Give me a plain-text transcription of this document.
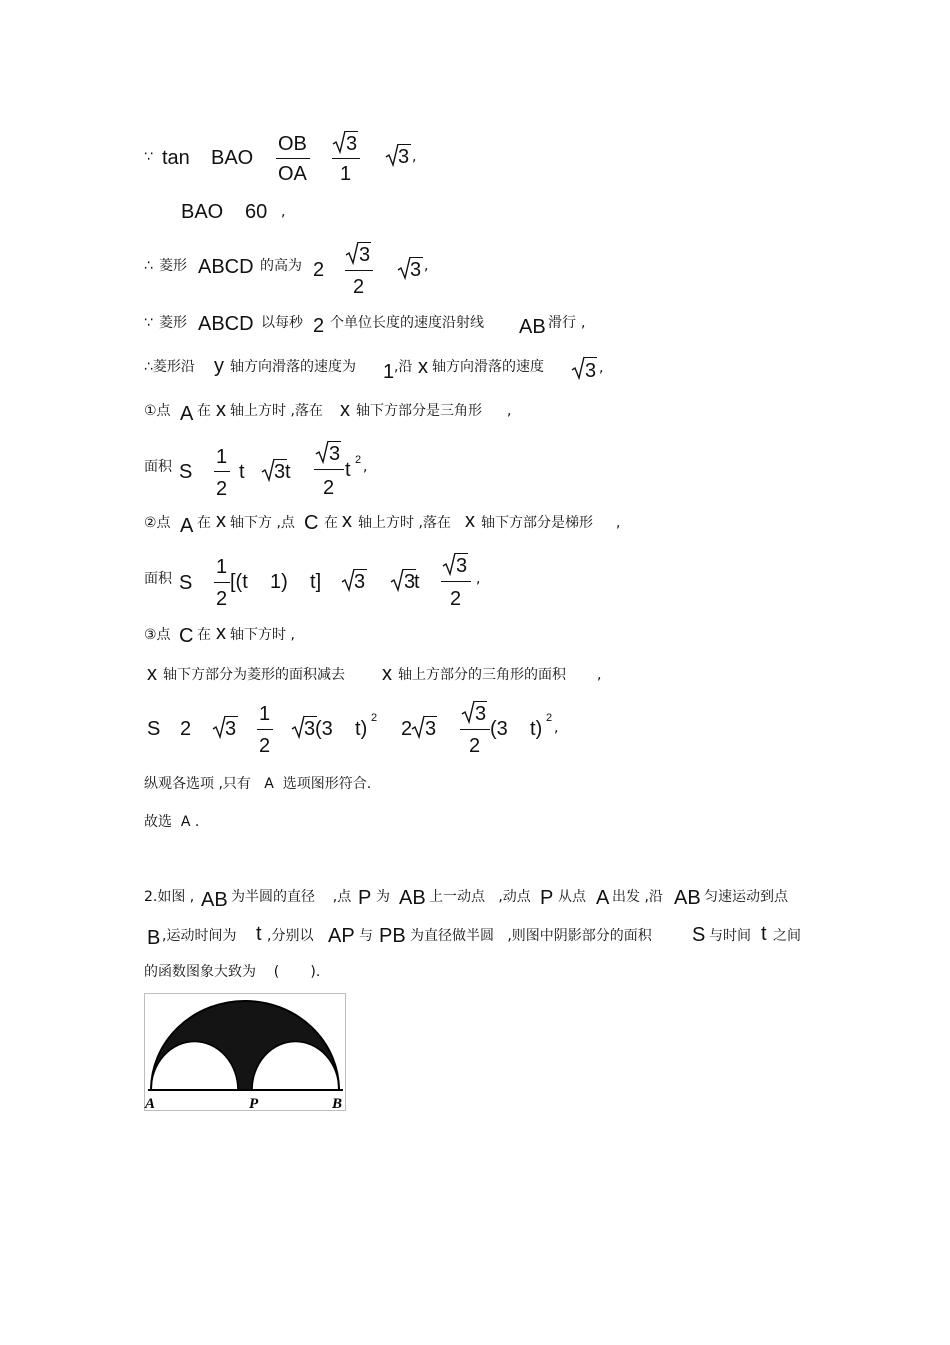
∵ tan BAO
OB
OA
3
1
3 ,
BAO 60 ,
∴ 菱形 ABCD 的高为 2
3
2
3 ,
∵ 菱形 ABCD 以每秒 2 个单位长度的速度沿射线 AB 滑行 ,
∴菱形沿 y 轴方向滑落的速度为 1 ,沿 x 轴方向滑落的速度 3 ,
①点 A 在 x 轴上方时 ,落在 x 轴下方部分是三角形 ,
面积 S
1
2
t 3 t
3
2
t 2 ,
②点 A 在 x 轴下方 ,点 C 在 x 轴上方时 ,落在 x 轴下方部分是梯形 ,
面积 S
1
2
[(t    1)    t] 3 3
t
3
2
,
③点 C 在 x 轴下方时 ,
x 轴下方部分为菱形的面积减去 x 轴上方部分的三角形的面积 ,
S 2 3
1
2
3 (3    t) 2 2 3
3
2
(3    t) 2
,
纵观各选项 ,只有   A  选项图形符合.
故选  A .
2.如图 , AB 为半圆的直径    ,点 P 为 AB 上一动点   ,动点 P 从点 A 出发 ,沿 AB 匀速运动到点
B ,运动时间为 t ,分别以 AP 与 PB 为直径做半圆   ,则图中阴影部分的面积 S 与时间 t 之间
的函数图象大致为    (       ).
A	P	B
